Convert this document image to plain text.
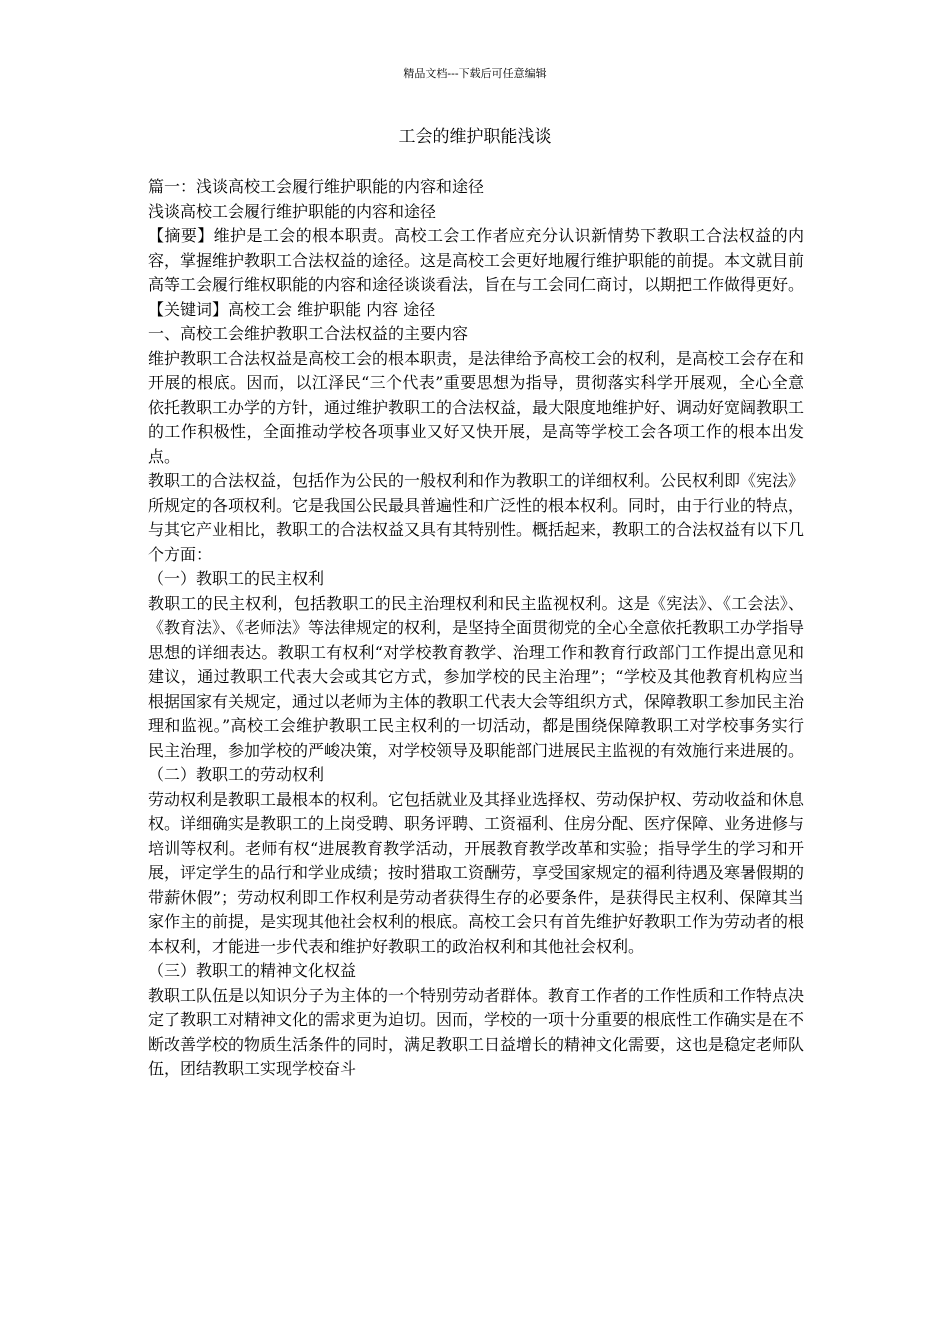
精品文档---下载后可任意编辑
工会的维护职能浅谈

篇一：浅谈高校工会履行维护职能的内容和途径

浅谈高校工会履行维护职能的内容和途径

【摘要】维护是工会的根本职责。高校工会工作者应充分认识新情势下教职工合法权益的内容，掌握维护教职工合法权益的途径。这是高校工会更好地履行维护职能的前提。本文就目前高等工会履行维权职能的内容和途径谈谈看法，旨在与工会同仁商讨，以期把工作做得更好。

【关键词】高校工会 维护职能 内容 途径

一、高校工会维护教职工合法权益的主要内容

维护教职工合法权益是高校工会的根本职责，是法律给予高校工会的权利，是高校工会存在和开展的根底。因而，以江泽民“三个代表”重要思想为指导，贯彻落实科学开展观，全心全意依托教职工办学的方针，通过维护教职工的合法权益，最大限度地维护好、调动好宽阔教职工的工作积极性，全面推动学校各项事业又好又快开展，是高等学校工会各项工作的根本出发点。

教职工的合法权益，包括作为公民的一般权利和作为教职工的详细权利。公民权利即《宪法》所规定的各项权利。它是我国公民最具普遍性和广泛性的根本权利。同时，由于行业的特点，与其它产业相比，教职工的合法权益又具有其特别性。概括起来，教职工的合法权益有以下几个方面：

（一）教职工的民主权利

教职工的民主权利，包括教职工的民主治理权利和民主监视权利。这是《宪法》、《工会法》、《教育法》、《老师法》等法律规定的权利，是坚持全面贯彻党的全心全意依托教职工办学指导思想的详细表达。教职工有权利“对学校教育教学、治理工作和教育行政部门工作提出意见和建议，通过教职工代表大会或其它方式，参加学校的民主治理”；“学校及其他教育机构应当根据国家有关规定，通过以老师为主体的教职工代表大会等组织方式，保障教职工参加民主治理和监视。”高校工会维护教职工民主权利的一切活动，都是围绕保障教职工对学校事务实行民主治理，参加学校的严峻决策，对学校领导及职能部门进展民主监视的有效施行来进展的。

（二）教职工的劳动权利

劳动权利是教职工最根本的权利。它包括就业及其择业选择权、劳动保护权、劳动收益和休息权。详细确实是教职工的上岗受聘、职务评聘、工资福利、住房分配、医疗保障、业务进修与培训等权利。老师有权“进展教育教学活动，开展教育教学改革和实验；指导学生的学习和开展，评定学生的品行和学业成绩；按时猎取工资酬劳，享受国家规定的福利待遇及寒暑假期的带薪休假”；劳动权利即工作权利是劳动者获得生存的必要条件，是获得民主权利、保障其当家作主的前提，是实现其他社会权利的根底。高校工会只有首先维护好教职工作为劳动者的根本权利，才能进一步代表和维护好教职工的政治权利和其他社会权利。

（三）教职工的精神文化权益

教职工队伍是以知识分子为主体的一个特别劳动者群体。教育工作者的工作性质和工作特点决定了教职工对精神文化的需求更为迫切。因而，学校的一项十分重要的根底性工作确实是在不断改善学校的物质生活条件的同时，满足教职工日益增长的精神文化需要，这也是稳定老师队伍，团结教职工实现学校奋斗
